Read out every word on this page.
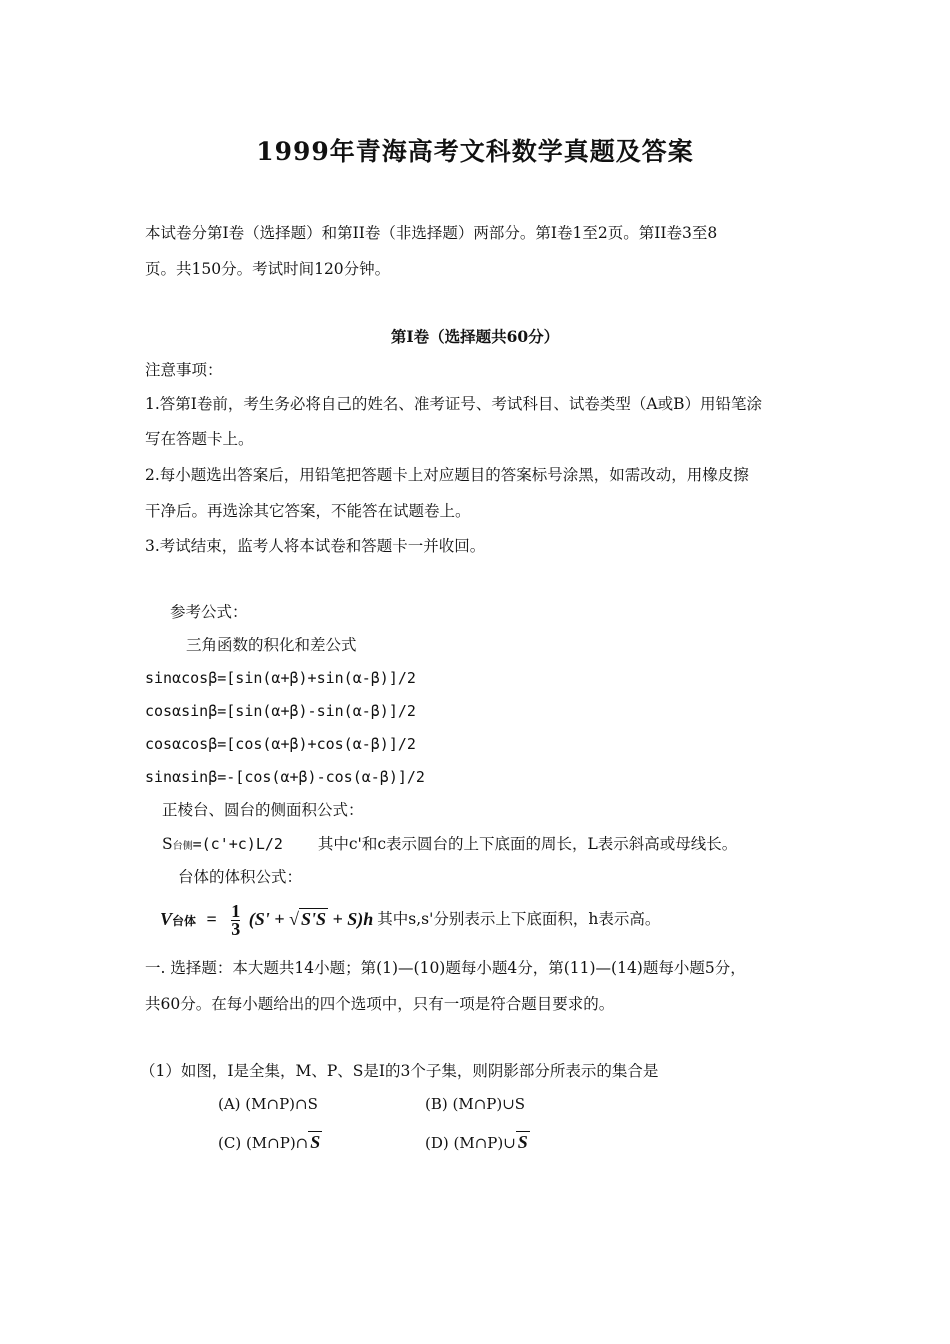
1999年青海高考文科数学真题及答案
本试卷分第I卷（选择题）和第II卷（非选择题）两部分。第I卷1至2页。第II卷3至8
页。共150分。考试时间120分钟。
第I卷（选择题共60分）
注意事项：
1.答第I卷前，考生务必将自己的姓名、准考证号、考试科目、试卷类型（A或B）用铅笔涂
写在答题卡上。
2.每小题选出答案后，用铅笔把答题卡上对应题目的答案标号涂黑，如需改动，用橡皮擦
干净后。再选涂其它答案，不能答在试题卷上。
3.考试结束，监考人将本试卷和答题卡一并收回。
参考公式：
三角函数的积化和差公式
sinαcosβ=[sin(α+β)+sin(α-β)]/2
cosαsinβ=[sin(α+β)-sin(α-β)]/2
cosαcosβ=[cos(α+β)+cos(α-β)]/2
sinαsinβ=-[cos(α+β)-cos(α-β)]/2
正棱台、圆台的侧面积公式：
S台侧=(c'+c)L/2 其中c'和c表示圆台的上下底面的周长，L表示斜高或母线长。
台体的体积公式：
V台体 = $\frac{1}{3} (S'$ + √ S'S + S)h 其中s,s'分别表示上下底面积，h表示高。
一. 选择题：本大题共14小题；第(1)—(10)题每小题4分，第(11)—(14)题每小题5分，
共60分。在每小题给出的四个选项中，只有一项是符合题目要求的。
（1）如图，I是全集，M、P、S是I的3个子集，则阴影部分所表示的集合是
(A) (M∩P)∩S	(B) (M∩P)∪S
(C) (M∩P)∩ S	(D) (M∩P)∪ S
